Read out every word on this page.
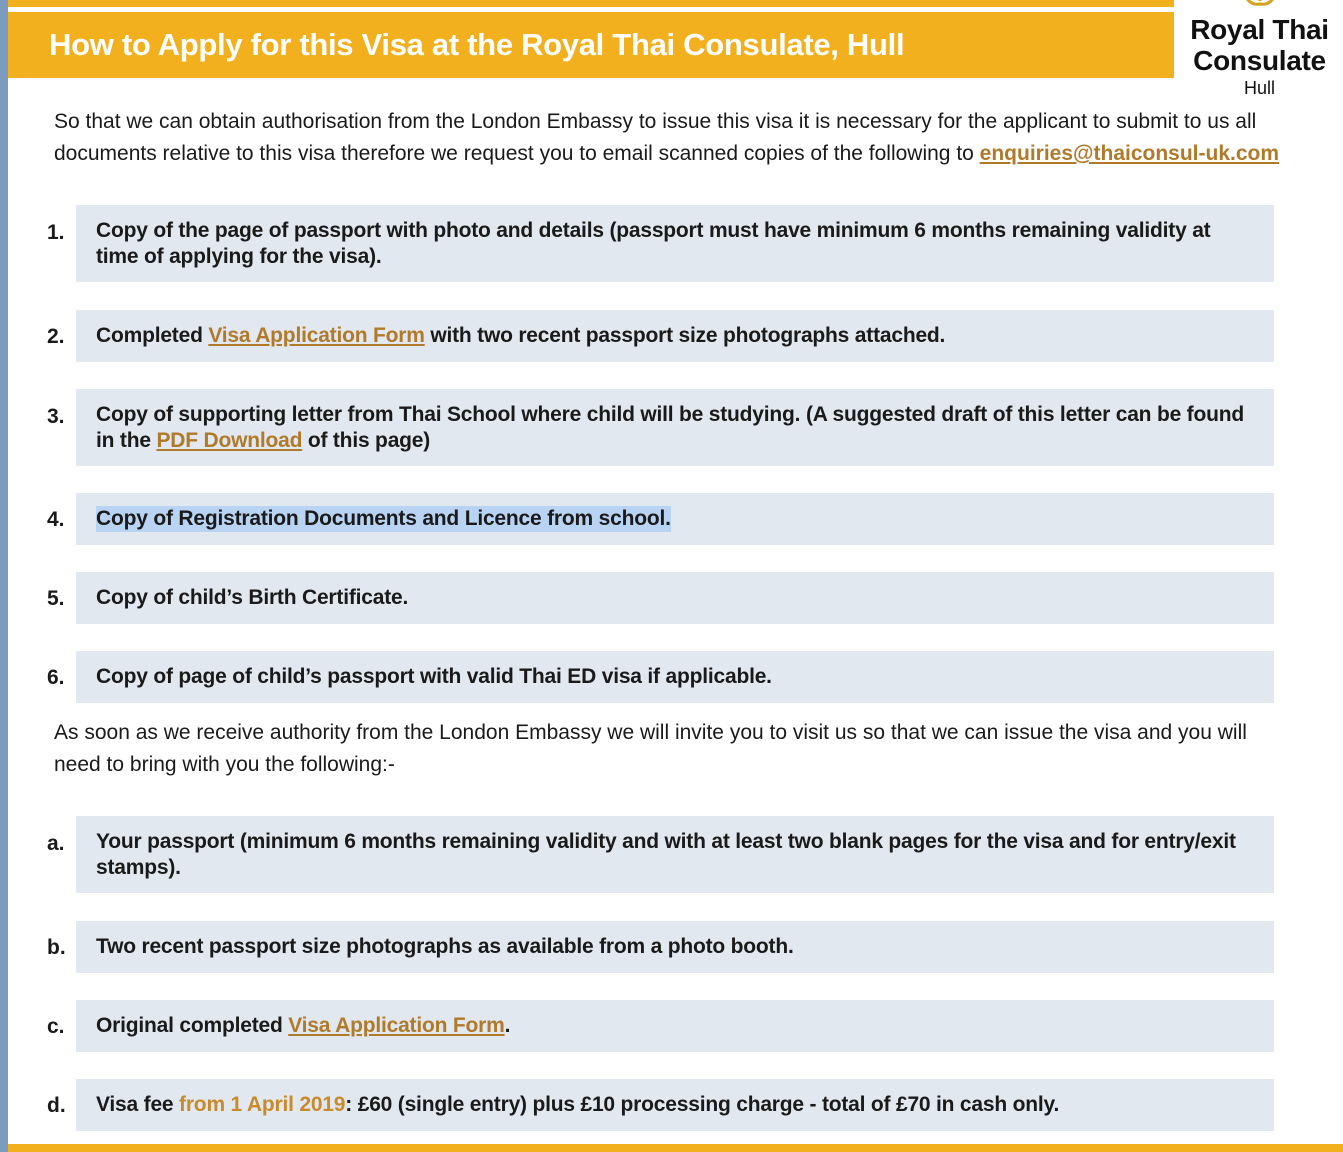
How to Apply for this Visa at the Royal Thai Consulate, Hull	Royal Thai
Consulate
Hull
So that we can obtain authorisation from the London Embassy to issue this visa it is necessary for the applicant to submit to us all documents relative to this visa therefore we request you to email scanned copies of the following to enquiries@thaiconsul-uk.com
1. Copy of the page of passport with photo and details (passport must have minimum 6 months remaining validity at time of applying for the visa).
2. Completed Visa Application Form with two recent passport size photographs attached.
3. Copy of supporting letter from Thai School where child will be studying. (A suggested draft of this letter can be found in the PDF Download of this page)
4. Copy of Registration Documents and Licence from school.
5. Copy of child’s Birth Certificate.
6. Copy of page of child’s passport with valid Thai ED visa if applicable.
As soon as we receive authority from the London Embassy we will invite you to visit us so that we can issue the visa and you will need to bring with you the following:-
a. Your passport (minimum 6 months remaining validity and with at least two blank pages for the visa and for entry/exit stamps).
b. Two recent passport size photographs as available from a photo booth.
c. Original completed Visa Application Form.
d. Visa fee from 1 April 2019: £60 (single entry) plus £10 processing charge - total of £70 in cash only.
